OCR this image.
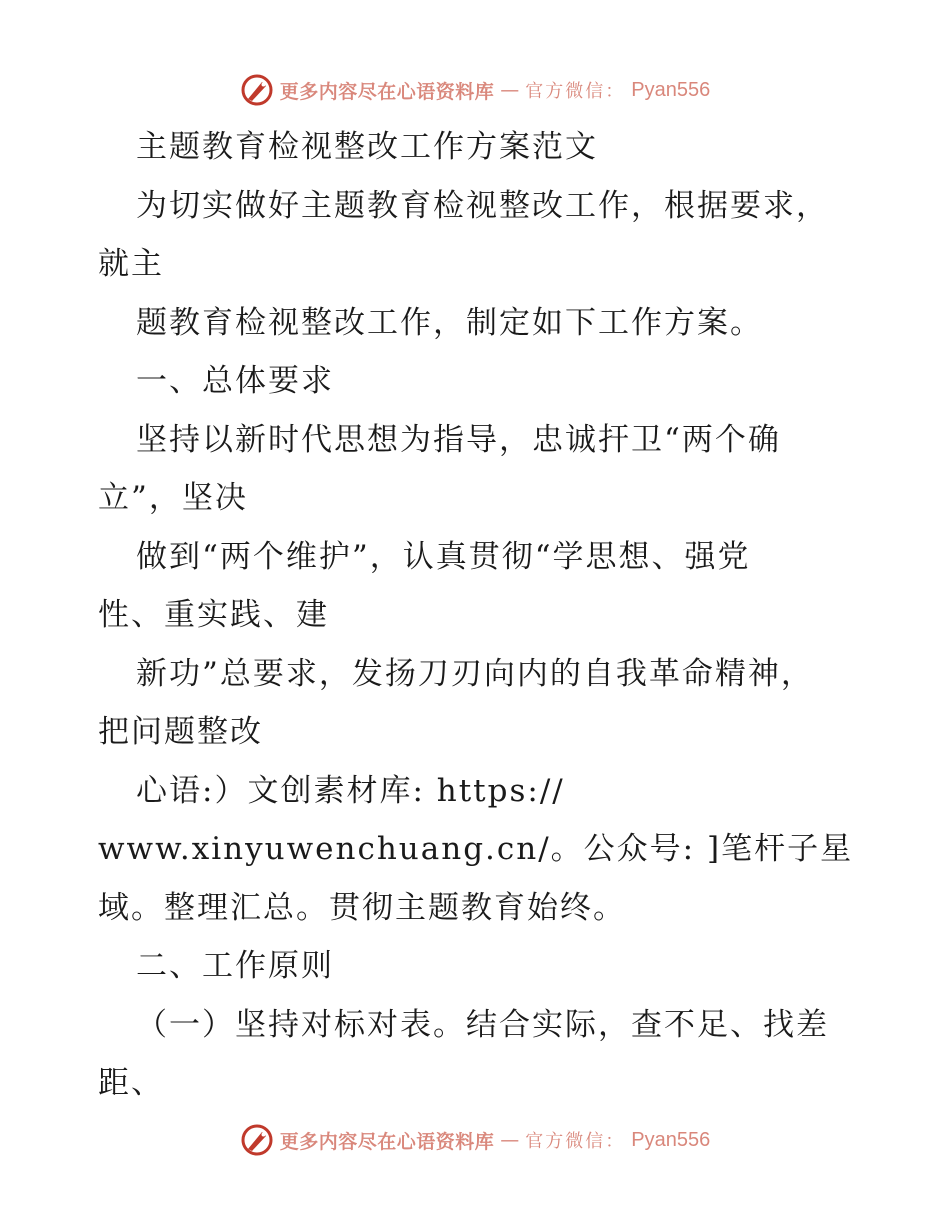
更多内容尽在心语资料库 — 官方微信： Pyan556
主题教育检视整改工作方案范文
为切实做好主题教育检视整改工作，根据要求，
就主
题教育检视整改工作，制定如下工作方案。
一、总体要求
坚持以新时代思想为指导，忠诚扞卫“两个确
立”，坚决
做到“两个维护”，认真贯彻“学思想、强党
性、重实践、建
新功”总要求，发扬刀刃向内的自我革命精神，
把问题整改
心语:）文创素材库: https://
www.xinyuwenchuang.cn/。公众号: ]笔杆子星
域。整理汇总。贯彻主题教育始终。
二、工作原则
（一）坚持对标对表。结合实际，查不足、找差
距、
更多内容尽在心语资料库 — 官方微信： Pyan556
